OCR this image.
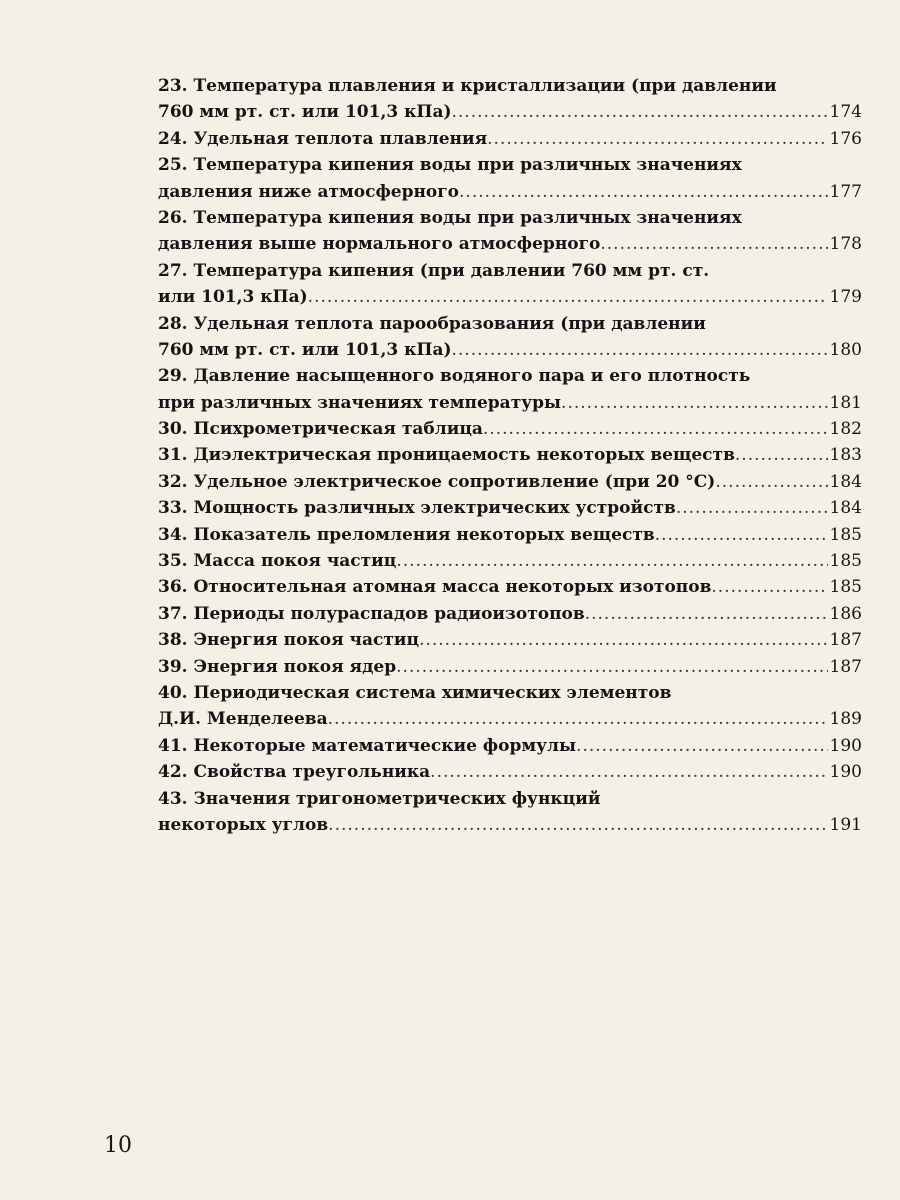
23. Температура плавления и кристаллизации (при давлении
760 мм рт. ст. или 101,3 кПа) .....	174
24. Удельная теплота плавления .....	176
25. Температура кипения воды при различных значениях
давления ниже атмосферного .....	177
26. Температура кипения воды при различных значениях
давления выше нормального атмосферного .....	178
27. Температура кипения (при давлении 760 мм рт. ст.
или 101,3 кПа) .....	179
28. Удельная теплота парообразования (при давлении
760 мм рт. ст. или 101,3 кПа) .....	180
29. Давление насыщенного водяного пара и его плотность
при различных значениях температуры .....	181
30. Психрометрическая таблица .....	182
31. Диэлектрическая проницаемость некоторых веществ .....	183
32. Удельное электрическое сопротивление (при 20 °С) .....	184
33. Мощность различных электрических устройств .....	184
34. Показатель преломления некоторых веществ .....	185
35. Масса покоя частиц .....	185
36. Относительная атомная масса некоторых изотопов .....	185
37. Периоды полураспадов радиоизотопов .....	186
38. Энергия покоя частиц .....	187
39. Энергия покоя ядер .....	187
40. Периодическая система химических элементов
Д.И. Менделеева .....	189
41. Некоторые математические формулы .....	190
42. Свойства треугольника .....	190
43. Значения тригонометрических функций
некоторых углов .....	191
10
